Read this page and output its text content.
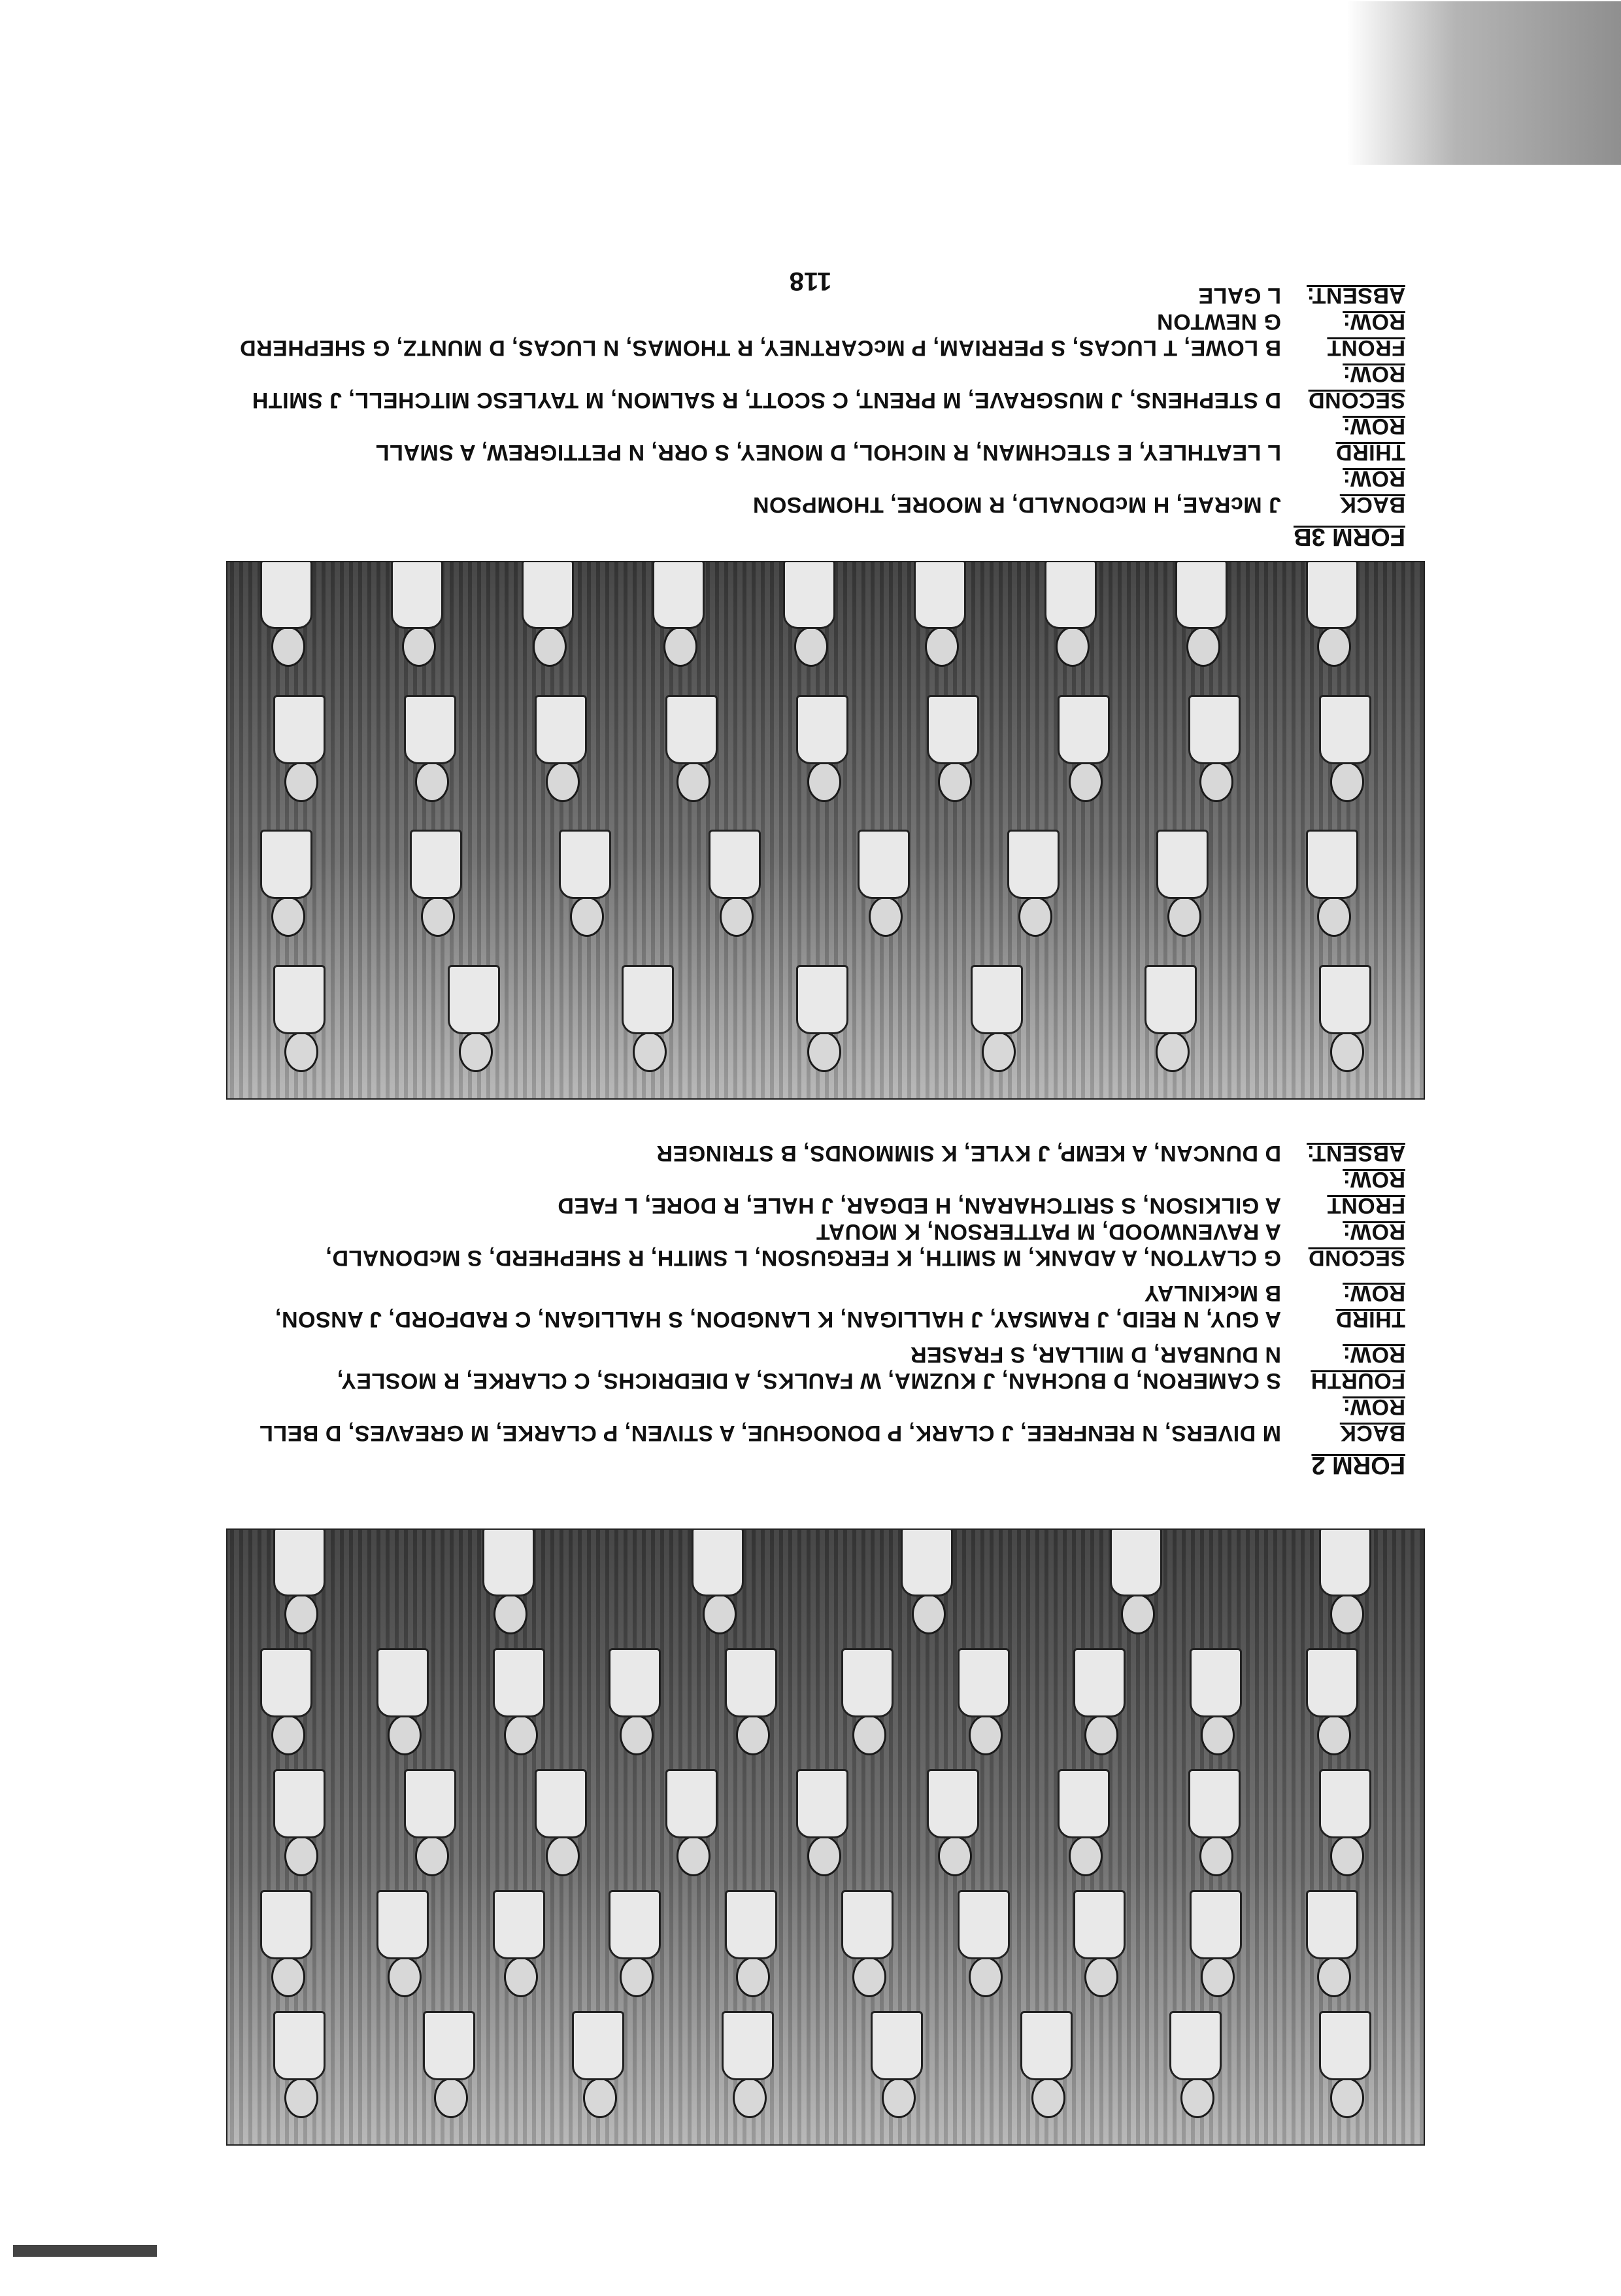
118
FORM 3B
BACK ROW:
J McRAE, H McDONALD, R MOORE, THOMPSON
THIRD ROW:
L LEATHLEY, E STECHMAN, R NICHOL, D MONEY, S ORR, N PETTIGREW, A SMALL
SECOND ROW:
D STEPHENS, J MUSGRAVE, M PRENT, C SCOTT, R SALMON, M TAYLESC MITCHELL, J SMITH
FRONT ROW:
B LOWE, T LUCAS, S PERRIAM, P McCARTNEY, R THOMAS, N LUCAS, D MUNTZ, G SHEPHERD
G NEWTON
ABSENT:
L GALE
FORM 2
BACK ROW:
M DIVERS, N RENFREE, J CLARK, P DONOGHUE, A STIVEN, P CLARKE, M GREAVES, D BELL
FOURTH ROW:
S CAMERON, D BUCHAN, J KUZMA, W FAULKS, A DIEDRICHS, C CLARKE, R MOSLEY,
N DUNBAR, D MILLAR, S FRASER
THIRD ROW:
A GUY, N REID, J RAMSAY, J HALLIGAN, K LANGDON, S HALLIGAN, C RADFORD, J ANSON,
B McKINLAY
SECOND ROW:
G CLAYTON, A ADANK, M SMITH, K FERGUSON, L SMITH, R SHEPHERD, S McDONALD,
A RAVENWOOD, M PATTERSON, K MOUAT
FRONT ROW:
A GILKISON, S SRITCHARAN, H EDGAR, J HALE, R DORE, L FAED
ABSENT:
D DUNCAN, A KEMP, J KYLE, K SIMMONDS, B STRINGER
